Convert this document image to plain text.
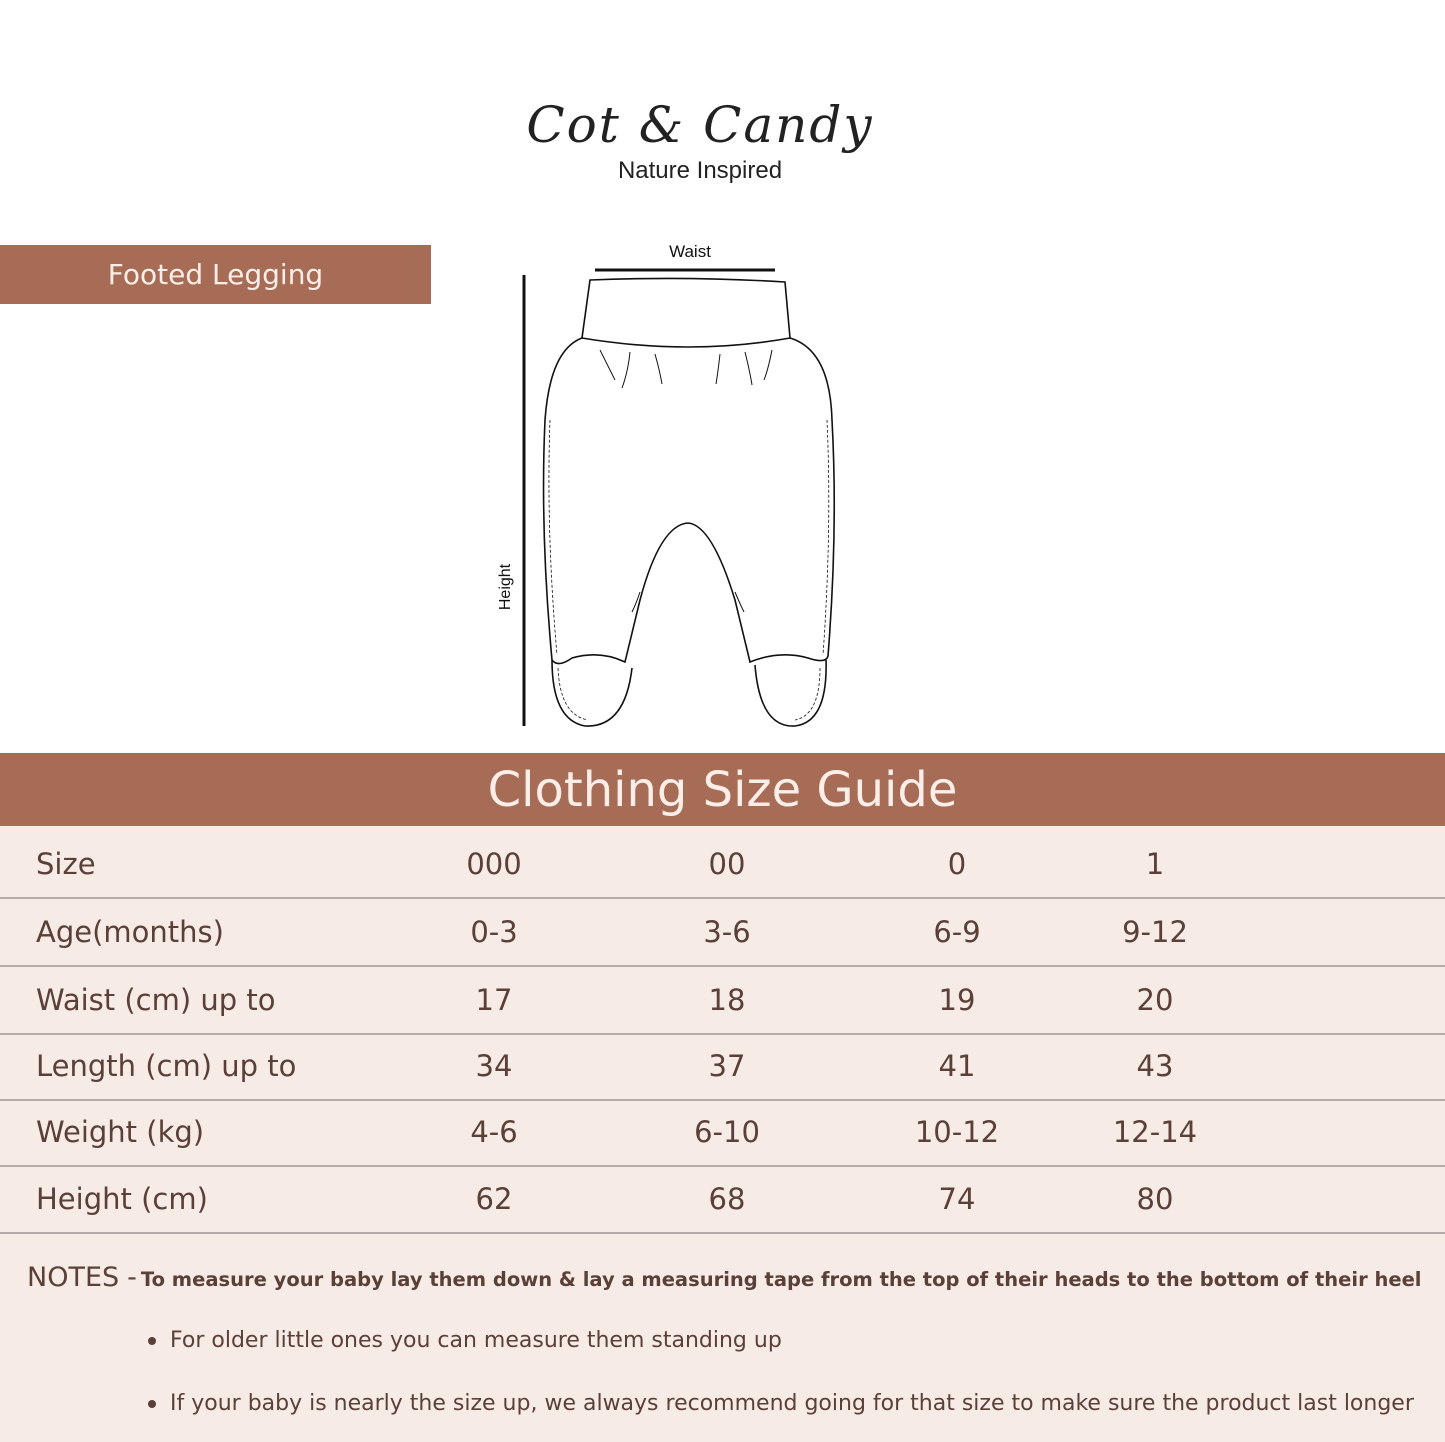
Cot & Candy
Nature Inspired
Footed Legging
Waist
Height
Clothing Size Guide
Size	000	00	0	1
Age(months)	0-3	3-6	6-9	9-12
Waist (cm) up to	17	18	19	20
Length (cm) up to	34	37	41	43
Weight (kg)	4-6	6-10	10-12	12-14
Height (cm)	62	68	74	80
NOTES - To measure your baby lay them down & lay a measuring tape from the top of their heads to the bottom of their heel
For older little ones you can measure them standing up
If your baby is nearly the size up, we always recommend going for that size to make sure the product last longer
